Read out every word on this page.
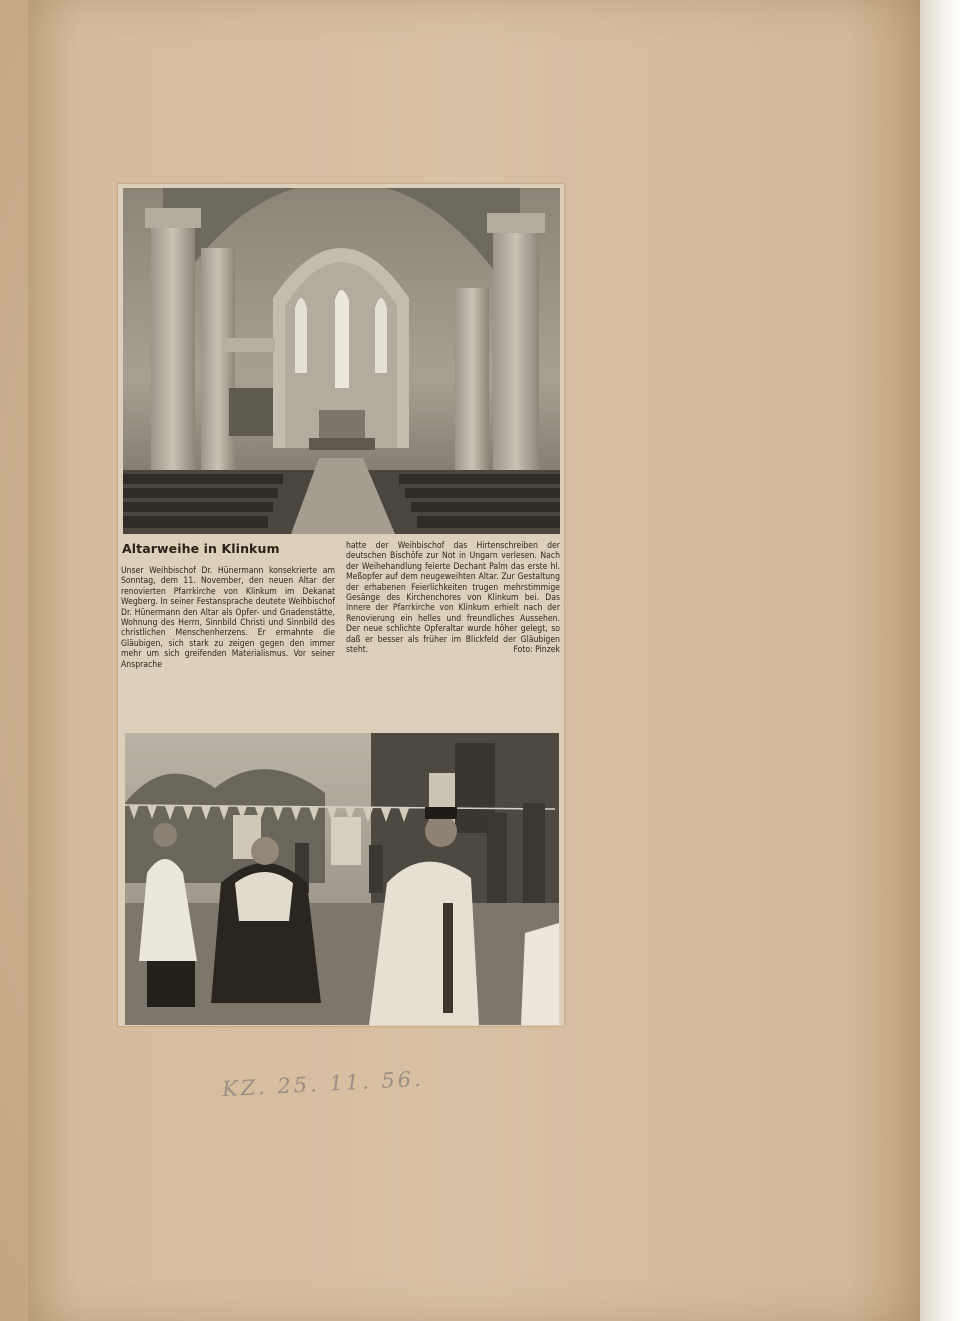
Altarweihe in Klinkum

Unser Weihbischof Dr. Hünermann konsekrierte am Sonntag, dem 11. November, den neuen Altar der renovierten Pfarrkirche von Klinkum im Dekanat Wegberg. In seiner Festansprache deutete Weihbischof Dr. Hünermann den Altar als Opfer- und Gnadenstätte, Wohnung des Herrn, Sinnbild Christi und Sinnbild des christlichen Menschenherzens. Er ermahnte die Gläubigen, sich stark zu zeigen gegen den immer mehr um sich greifenden Materialismus. Vor seiner Ansprache

hatte der Weihbischof das Hirtenschreiben der deutschen Bischöfe zur Not in Ungarn verlesen. Nach der Weihehandlung feierte Dechant Palm das erste hl. Meßopfer auf dem neugeweihten Altar. Zur Gestaltung der erhabenen Feierlichkeiten trugen mehrstimmige Gesänge des Kirchenchores von Klinkum bei. Das Innere der Pfarrkirche von Klinkum erhielt nach der Renovierung ein helles und freundliches Aussehen. Der neue schlichte Opferaltar wurde höher gelegt, so daß er besser als früher im Blickfeld der Gläubigen steht.	Foto: Pinzek
KZ. 25. 11. 56.
